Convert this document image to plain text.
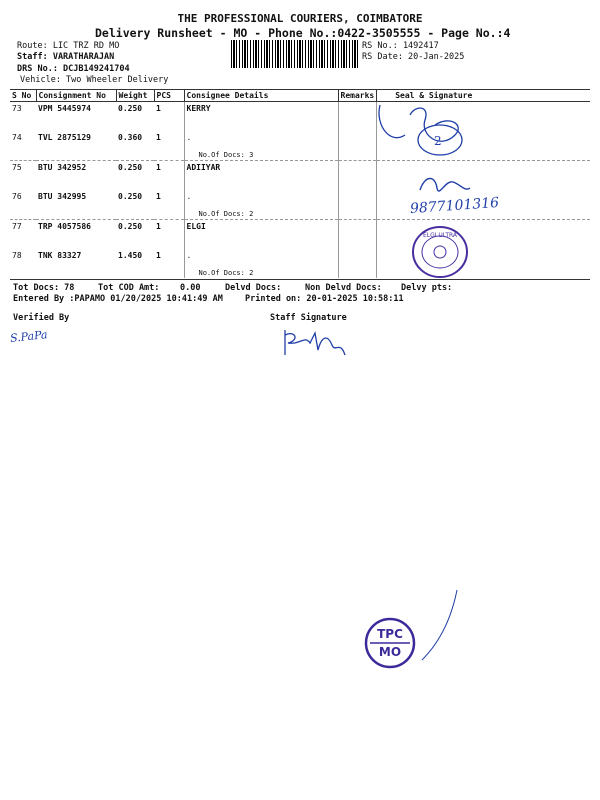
THE PROFESSIONAL COURIERS, COIMBATORE
Delivery Runsheet - MO - Phone No.:0422-3505555 - Page No.:4
Route: LIC TRZ RD MO
Staff: VARATHARAJAN
DRS No.: DCJB149241704
Vehicle: Two Wheeler Delivery
RS No.: 1492417
RS Date: 20-Jan-2025
S No	Consignment No	Weight	PCS	Consignee Details	Remarks	Seal & Signature
73	VPM 5445974	0.250	1	KERRY		
74	TVL 2875129	0.360	1	.
No.Of Docs: 3		

75	BTU 342952	0.250	1	ADIIYAR		
76	BTU 342995	0.250	1	.
No.Of Docs: 2		

77	TRP 4057586	0.250	1	ELGI		
78	TNK 83327	1.450	1	.
No.Of Docs: 2		

Tot Docs: 78	Tot COD Amt: 0.00	Delvd Docs:	Non Delvd Docs: Delvy pts:
Entered By :PAPAMO 01/20/2025 10:41:49 AM	Printed on: 20-01-2025 10:58:11
Verified By	Staff Signature
S.PaPa
9877101316
2
ELGI ULTRA
TPC
MO
